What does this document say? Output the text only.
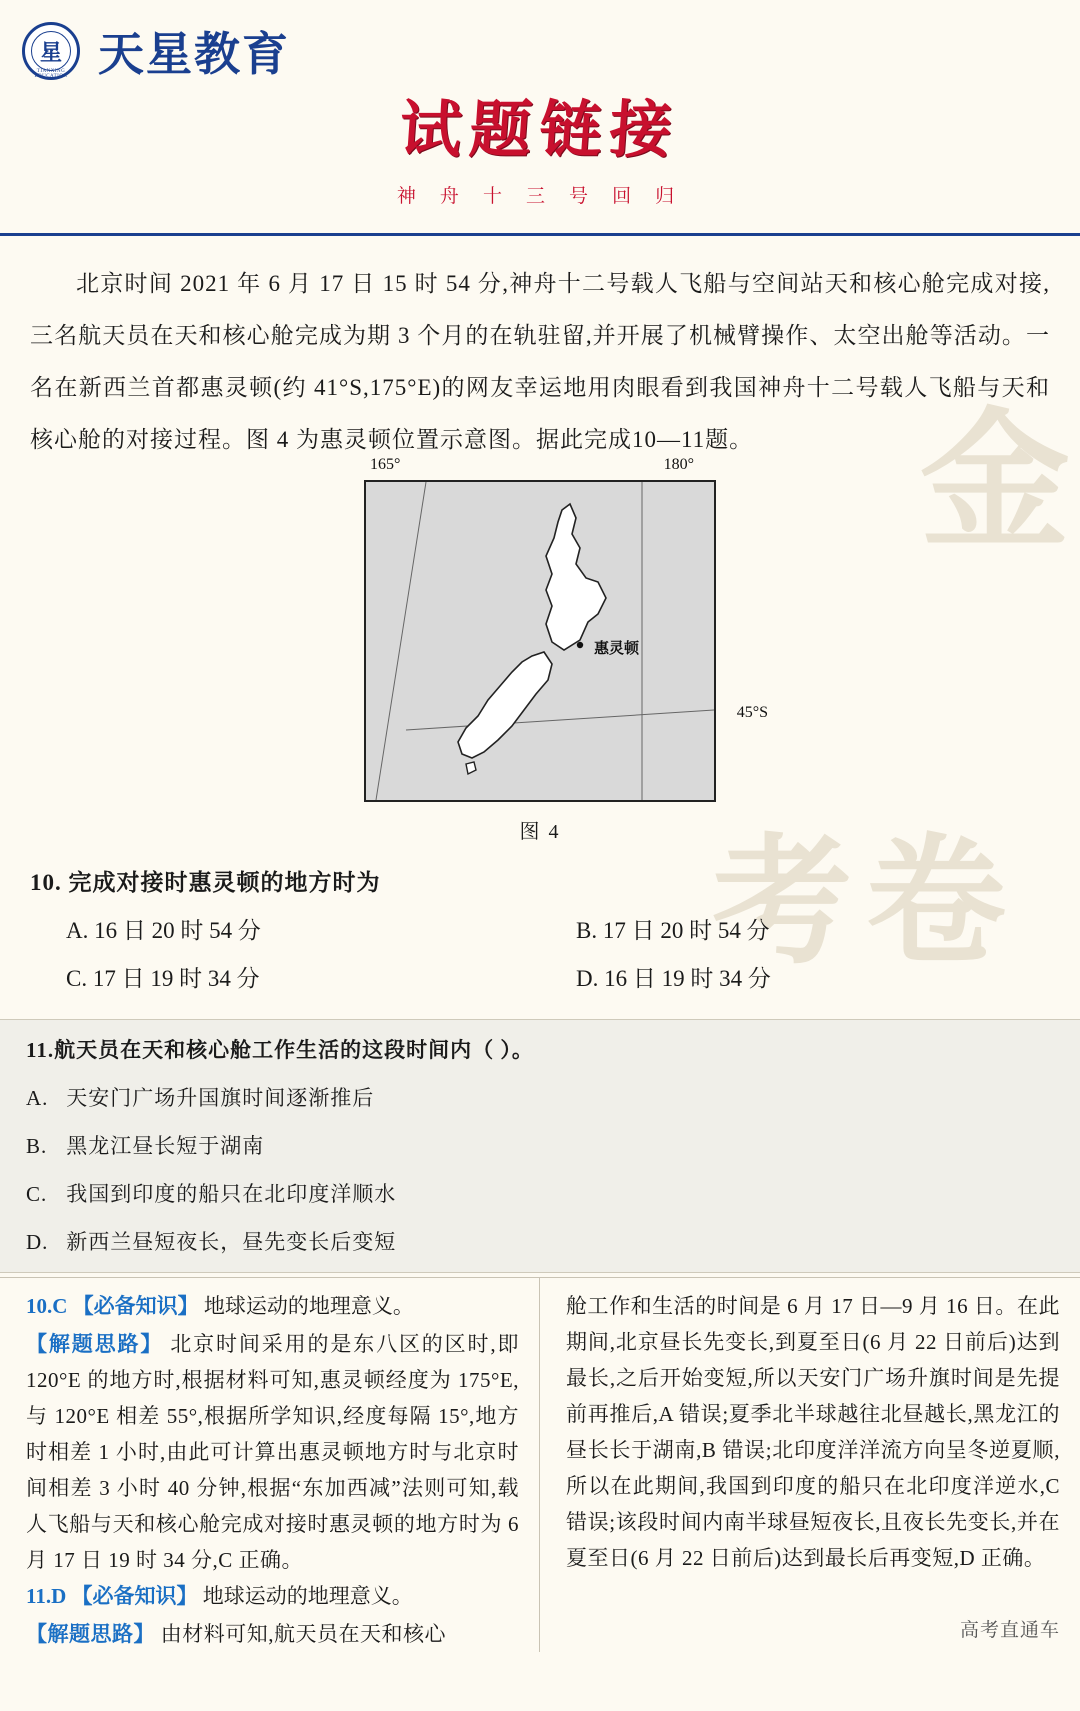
金
考卷
星
TIANXING EDUCATION 天星教育
试题链接
神 舟 十 三 号 回 归

北京时间 2021 年 6 月 17 日 15 时 54 分,神舟十二号载人飞船与空间站天和核心舱完成对接,三名航天员在天和核心舱完成为期 3 个月的在轨驻留,并开展了机械臂操作、太空出舱等活动。一名在新西兰首都惠灵顿(约 41°S,175°E)的网友幸运地用肉眼看到我国神舟十二号载人飞船与天和核心舱的对接过程。图 4 为惠灵顿位置示意图。据此完成10—11题。

165°	180°
45°S
惠灵顿
图 4
10. 完成对接时惠灵顿的地方时为
A. 16 日 20 时 54 分	B. 17 日 20 时 54 分
C. 17 日 19 时 34 分	D. 16 日 19 时 34 分
11.航天员在天和核心舱工作生活的这段时间内（ ）。
A. 天安门广场升国旗时间逐渐推后
B. 黑龙江昼长短于湖南
C. 我国到印度的船只在北印度洋顺水
D. 新西兰昼短夜长，昼先变长后变短
10.C 【必备知识】 地球运动的地理意义。
【解题思路】 北京时间采用的是东八区的区时,即 120°E 的地方时,根据材料可知,惠灵顿经度为 175°E,与 120°E 相差 55°,根据所学知识,经度每隔 15°,地方时相差 1 小时,由此可计算出惠灵顿地方时与北京时间相差 3 小时 40 分钟,根据“东加西减”法则可知,载人飞船与天和核心舱完成对接时惠灵顿的地方时为 6 月 17 日 19 时 34 分,C 正确。
11.D 【必备知识】 地球运动的地理意义。
【解题思路】 由材料可知,航天员在天和核心
舱工作和生活的时间是 6 月 17 日—9 月 16 日。在此期间,北京昼长先变长,到夏至日(6 月 22 日前后)达到最长,之后开始变短,所以天安门广场升旗时间是先提前再推后,A 错误;夏季北半球越往北昼越长,黑龙江的昼长长于湖南,B 错误;北印度洋洋流方向呈冬逆夏顺,所以在此期间,我国到印度的船只在北印度洋逆水,C 错误;该段时间内南半球昼短夜长,且夜长先变长,并在夏至日(6 月 22 日前后)达到最长后再变短,D 正确。
高考直通车
